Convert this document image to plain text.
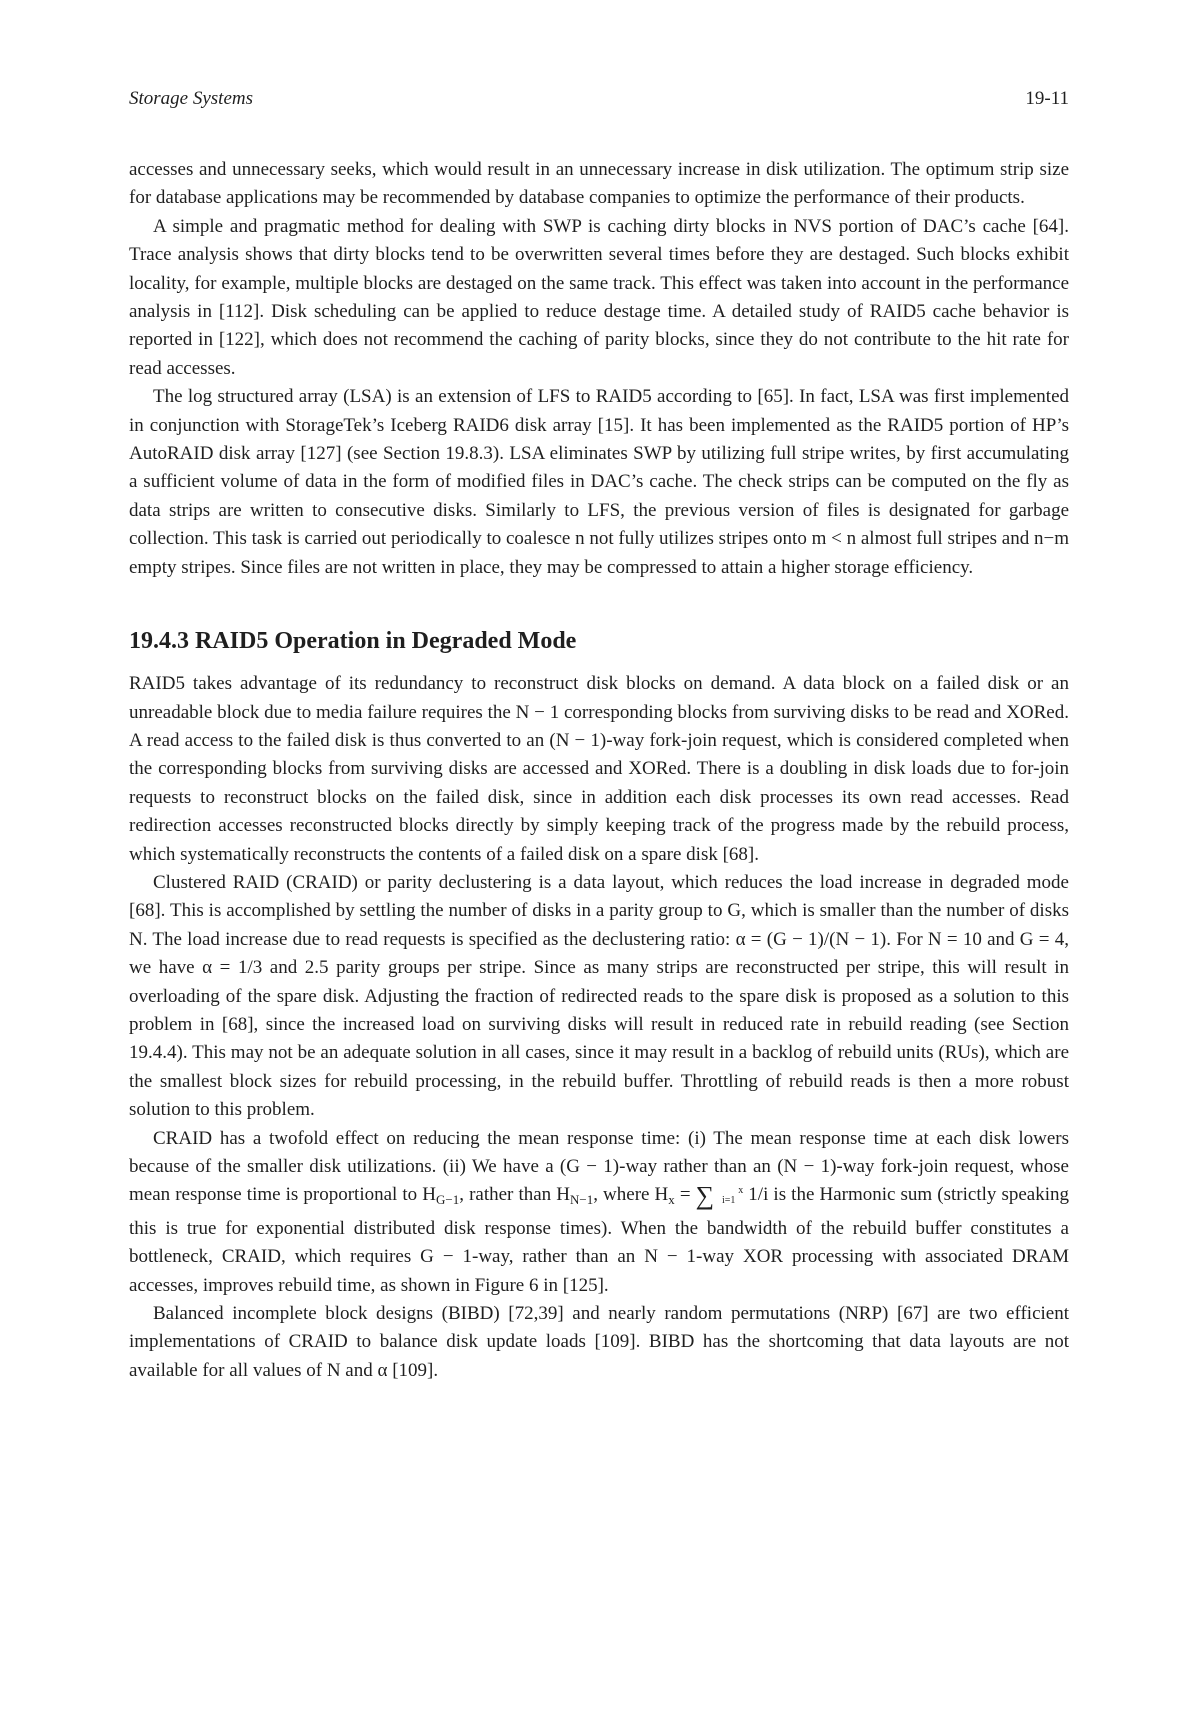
Storage Systems	19-11

accesses and unnecessary seeks, which would result in an unnecessary increase in disk utilization. The optimum strip size for database applications may be recommended by database companies to optimize the performance of their products.

A simple and pragmatic method for dealing with SWP is caching dirty blocks in NVS portion of DAC’s cache [64]. Trace analysis shows that dirty blocks tend to be overwritten several times before they are destaged. Such blocks exhibit locality, for example, multiple blocks are destaged on the same track. This effect was taken into account in the performance analysis in [112]. Disk scheduling can be applied to reduce destage time. A detailed study of RAID5 cache behavior is reported in [122], which does not recommend the caching of parity blocks, since they do not contribute to the hit rate for read accesses.

The log structured array (LSA) is an extension of LFS to RAID5 according to [65]. In fact, LSA was first implemented in conjunction with StorageTek’s Iceberg RAID6 disk array [15]. It has been implemented as the RAID5 portion of HP’s AutoRAID disk array [127] (see Section 19.8.3). LSA eliminates SWP by utilizing full stripe writes, by first accumulating a sufficient volume of data in the form of modified files in DAC’s cache. The check strips can be computed on the fly as data strips are written to consecutive disks. Similarly to LFS, the previous version of files is designated for garbage collection. This task is carried out periodically to coalesce n not fully utilizes stripes onto m < n almost full stripes and n−m empty stripes. Since files are not written in place, they may be compressed to attain a higher storage efficiency.

19.4.3 RAID5 Operation in Degraded Mode

RAID5 takes advantage of its redundancy to reconstruct disk blocks on demand. A data block on a failed disk or an unreadable block due to media failure requires the N − 1 corresponding blocks from surviving disks to be read and XORed. A read access to the failed disk is thus converted to an (N − 1)-way fork-join request, which is considered completed when the corresponding blocks from surviving disks are accessed and XORed. There is a doubling in disk loads due to for-join requests to reconstruct blocks on the failed disk, since in addition each disk processes its own read accesses. Read redirection accesses reconstructed blocks directly by simply keeping track of the progress made by the rebuild process, which systematically reconstructs the contents of a failed disk on a spare disk [68].

Clustered RAID (CRAID) or parity declustering is a data layout, which reduces the load increase in degraded mode [68]. This is accomplished by settling the number of disks in a parity group to G, which is smaller than the number of disks N. The load increase due to read requests is specified as the declustering ratio: α = (G − 1)/(N − 1). For N = 10 and G = 4, we have α = 1/3 and 2.5 parity groups per stripe. Since as many strips are reconstructed per stripe, this will result in overloading of the spare disk. Adjusting the fraction of redirected reads to the spare disk is proposed as a solution to this problem in [68], since the increased load on surviving disks will result in reduced rate in rebuild reading (see Section 19.4.4). This may not be an adequate solution in all cases, since it may result in a backlog of rebuild units (RUs), which are the smallest block sizes for rebuild processing, in the rebuild buffer. Throttling of rebuild reads is then a more robust solution to this problem.

CRAID has a twofold effect on reducing the mean response time: (i) The mean response time at each disk lowers because of the smaller disk utilizations. (ii) We have a (G − 1)-way rather than an (N − 1)-way fork-join request, whose mean response time is proportional to $H_{G-1}$, rather than $H_{N-1}$, where $H_x$ = ∑ x
i=1 1/i is the Harmonic sum (strictly speaking this is true for exponential distributed disk response times). When the bandwidth of the rebuild buffer constitutes a bottleneck, CRAID, which requires G − 1-way, rather than an N − 1-way XOR processing with associated DRAM accesses, improves rebuild time, as shown in Figure 6 in [125].

Balanced incomplete block designs (BIBD) [72,39] and nearly random permutations (NRP) [67] are two efficient implementations of CRAID to balance disk update loads [109]. BIBD has the shortcoming that data layouts are not available for all values of N and α [109].
